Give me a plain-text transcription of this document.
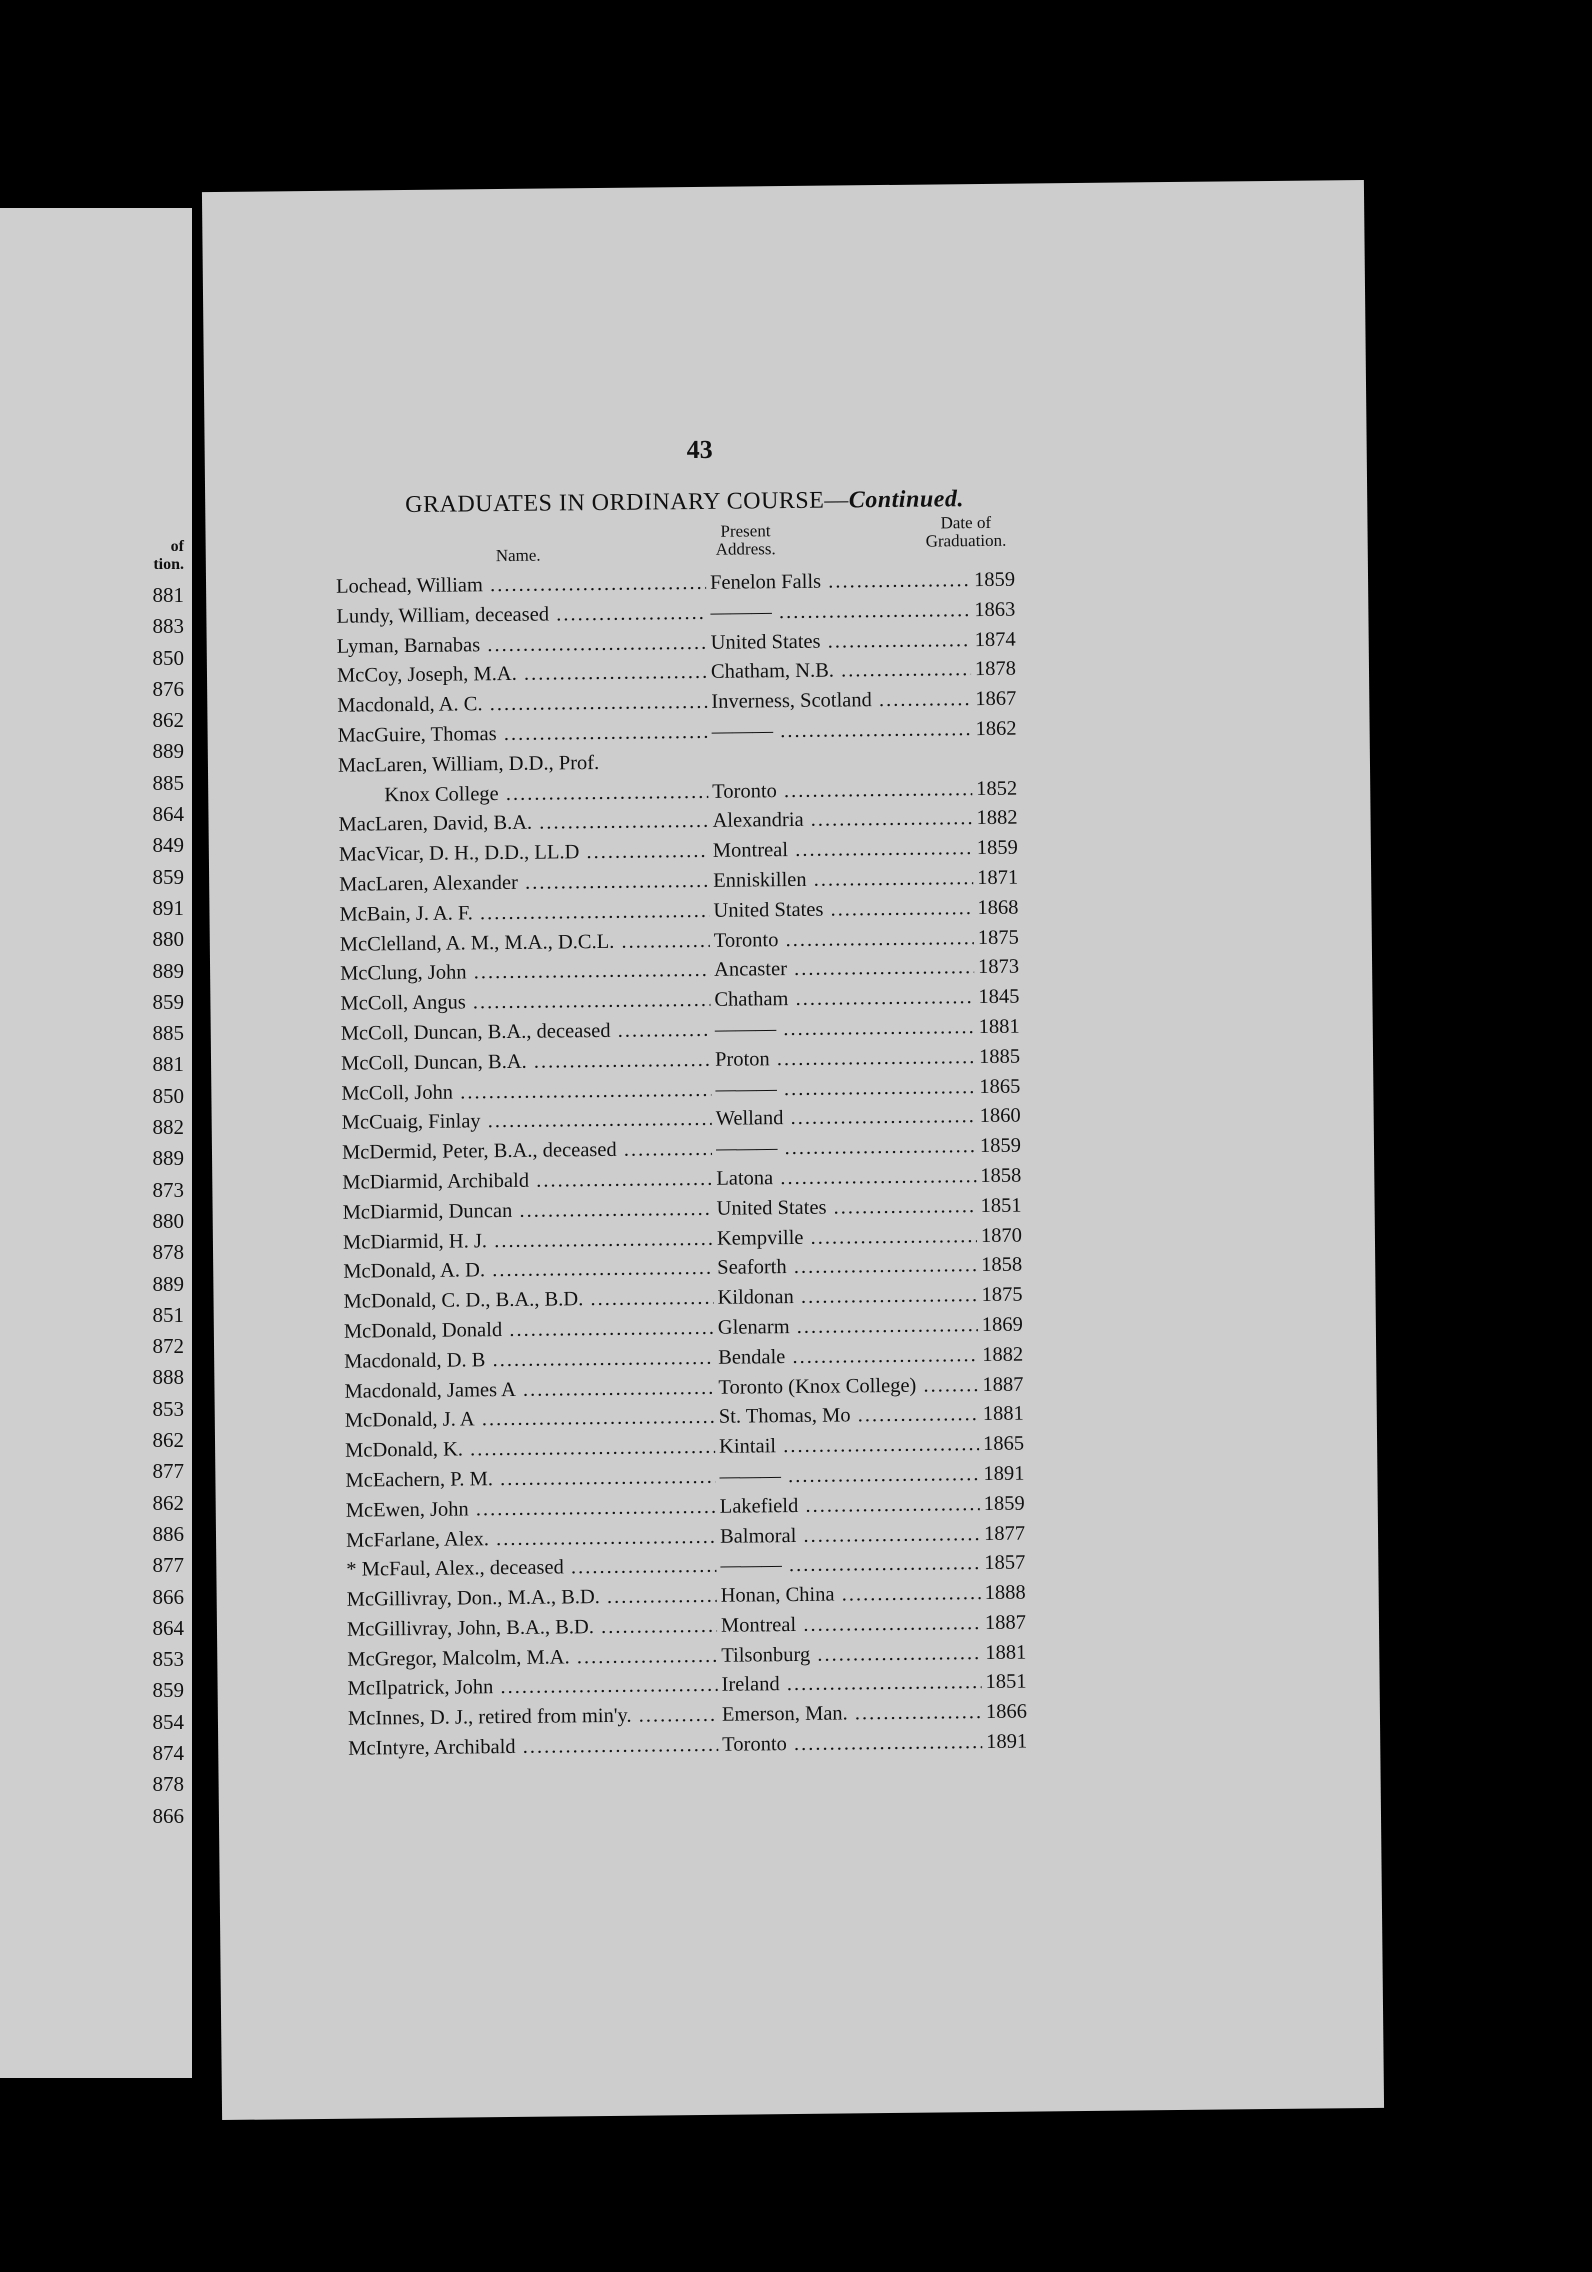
of
tion.
881
883
850
876
862
889
885
864
849
859
891
880
889
859
885
881
850
882
889
873
880
878
889
851
872
888
853
862
877
862
886
877
866
864
853
859
854
874
878
866
43
GRADUATES IN ORDINARY COURSE—Continued.
Name.
Present
Address.
Date of
Graduation.
Lochead, William .....	Fenelon Falls .....	1859
Lundy, William, deceased .....	——— .....	1863
Lyman, Barnabas .....	United States .....	1874
McCoy, Joseph, M.A. .....	Chatham, N.B. .....	1878
Macdonald, A. C. .....	Inverness, Scotland .....	1867
MacGuire, Thomas .....	——— .....	1862
MacLaren, William, D.D., Prof.
Knox College .....	Toronto .....	1852
MacLaren, David, B.A. .....	Alexandria .....	1882
MacVicar, D. H., D.D., LL.D .....	Montreal .....	1859
MacLaren, Alexander .....	Enniskillen .....	1871
McBain, J. A. F. .....	United States .....	1868
McClelland, A. M., M.A., D.C.L. .....	Toronto .....	1875
McClung, John .....	Ancaster .....	1873
McColl, Angus .....	Chatham .....	1845
McColl, Duncan, B.A., deceased .....	——— .....	1881
McColl, Duncan, B.A. .....	Proton .....	1885
McColl, John .....	——— .....	1865
McCuaig, Finlay .....	Welland .....	1860
McDermid, Peter, B.A., deceased .....	——— .....	1859
McDiarmid, Archibald .....	Latona .....	1858
McDiarmid, Duncan .....	United States .....	1851
McDiarmid, H. J. .....	Kempville .....	1870
McDonald, A. D. .....	Seaforth .....	1858
McDonald, C. D., B.A., B.D. .....	Kildonan .....	1875
McDonald, Donald .....	Glenarm .....	1869
Macdonald, D. B .....	Bendale .....	1882
Macdonald, James A .....	Toronto (Knox College) .....	1887
McDonald, J. A .....	St. Thomas, Mo .....	1881
McDonald, K. .....	Kintail .....	1865
McEachern, P. M. .....	——— .....	1891
McEwen, John .....	Lakefield .....	1859
McFarlane, Alex. .....	Balmoral .....	1877
* McFaul, Alex., deceased .....	——— .....	1857
McGillivray, Don., M.A., B.D. .....	Honan, China .....	1888
McGillivray, John, B.A., B.D. .....	Montreal .....	1887
McGregor, Malcolm, M.A. .....	Tilsonburg .....	1881
McIlpatrick, John .....	Ireland .....	1851
McInnes, D. J., retired from min'y. .....	Emerson, Man. .....	1866
McIntyre, Archibald .....	Toronto .....	1891
